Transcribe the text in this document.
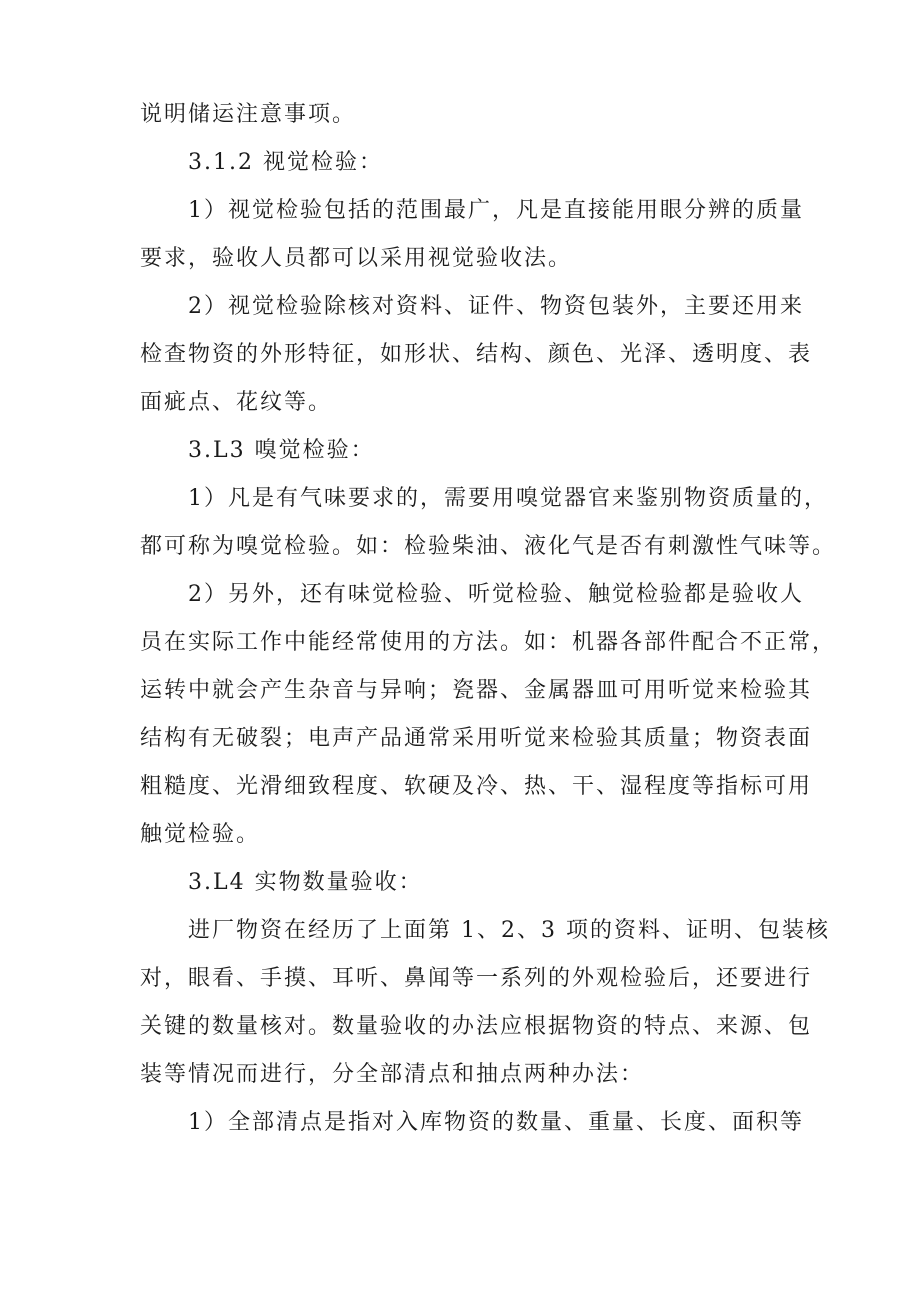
说明储运注意事项。
3.1.2 视觉检验：
1）视觉检验包括的范围最广，凡是直接能用眼分辨的质量
要求，验收人员都可以采用视觉验收法。
2）视觉检验除核对资料、证件、物资包装外，主要还用来
检查物资的外形特征，如形状、结构、颜色、光泽、透明度、表
面疵点、花纹等。
3.L3 嗅觉检验：
1）凡是有气味要求的，需要用嗅觉器官来鉴别物资质量的，
都可称为嗅觉检验。如：检验柴油、液化气是否有刺激性气味等。
2）另外，还有味觉检验、听觉检验、触觉检验都是验收人
员在实际工作中能经常使用的方法。如：机器各部件配合不正常，
运转中就会产生杂音与异响；瓷器、金属器皿可用听觉来检验其
结构有无破裂；电声产品通常采用听觉来检验其质量；物资表面
粗糙度、光滑细致程度、软硬及冷、热、干、湿程度等指标可用
触觉检验。
3.L4 实物数量验收：
进厂物资在经历了上面第 1、2、3 项的资料、证明、包装核
对，眼看、手摸、耳听、鼻闻等一系列的外观检验后，还要进行
关键的数量核对。数量验收的办法应根据物资的特点、来源、包
装等情况而进行，分全部清点和抽点两种办法：
1）全部清点是指对入库物资的数量、重量、长度、面积等
